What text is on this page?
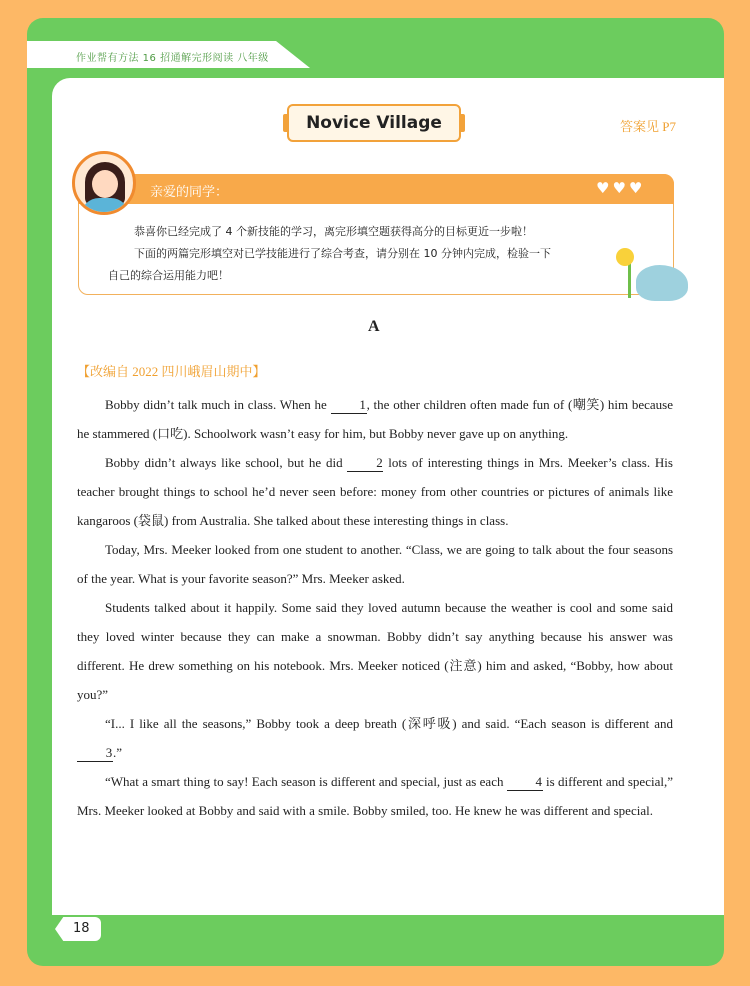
作业帮有方法 16 招通解完形阅读 八年级
Novice Village	答案见 P7
亲爱的同学：	♥♥♥
恭喜你已经完成了 4 个新技能的学习，离完形填空题获得高分的目标更近一步啦！
下面的两篇完形填空对已学技能进行了综合考查，请分别在 10 分钟内完成，检验一下
自己的综合运用能力吧！
A
【改编自 2022 四川峨眉山期中】

Bobby didn’t talk much in class. When he 1, the other children often made fun of (嘲笑) him because he stammered (口吃). Schoolwork wasn’t easy for him, but Bobby never gave up on anything.

Bobby didn’t always like school, but he did 2 lots of interesting things in Mrs. Meeker’s class. His teacher brought things to school he’d never seen before: money from other countries or pictures of animals like kangaroos (袋鼠) from Australia. She talked about these interesting things in class.

Today, Mrs. Meeker looked from one student to another. “Class, we are going to talk about the four seasons of the year. What is your favorite season?” Mrs. Meeker asked.

Students talked about it happily. Some said they loved autumn because the weather is cool and some said they loved winter because they can make a snowman. Bobby didn’t say anything because his answer was different. He drew something on his notebook. Mrs. Meeker noticed (注意) him and asked, “Bobby, how about you?”

“I... I like all the seasons,” Bobby took a deep breath (深呼吸) and said. “Each season is different and 3.”

“What a smart thing to say! Each season is different and special, just as each 4 is different and special,” Mrs. Meeker looked at Bobby and said with a smile. Bobby smiled, too. He knew he was different and special.

18
